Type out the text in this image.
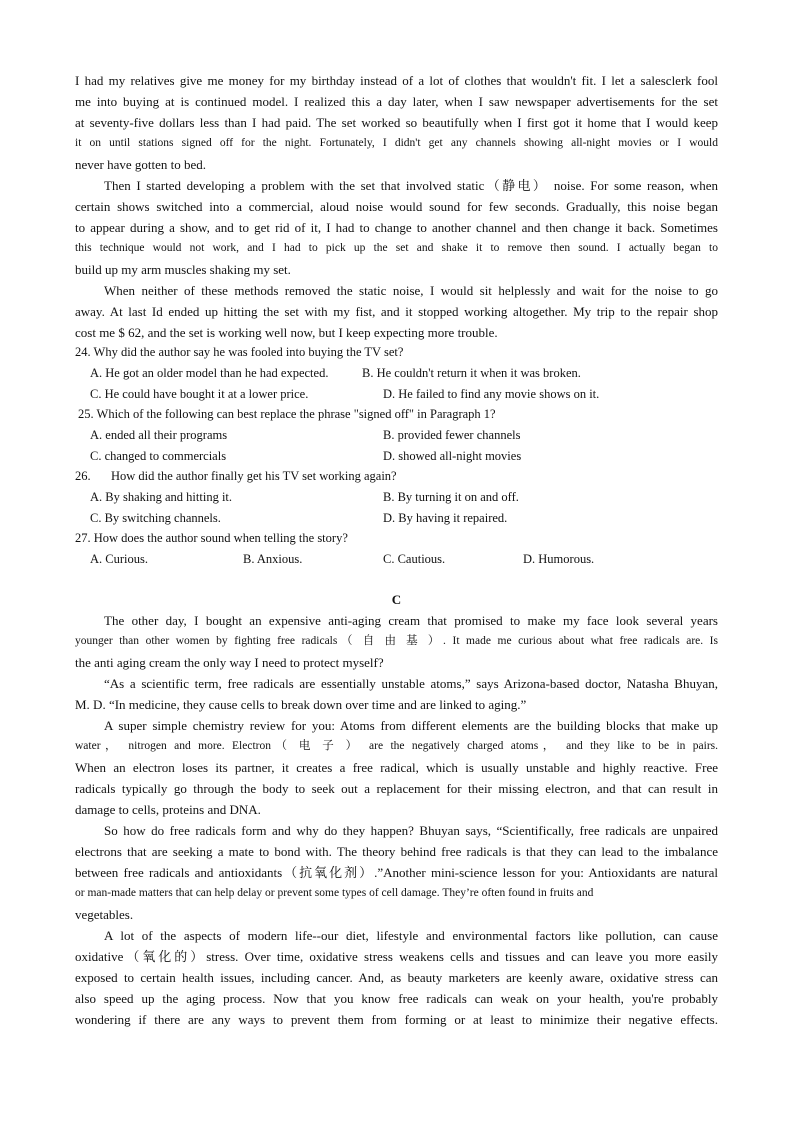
I had my relatives give me money for my birthday instead of a lot of clothes that wouldn't fit. I let a salesclerk fool
me into buying at is continued model. I realized this a day later, when I saw newspaper advertisements for the set
at seventy-five dollars less than I had paid. The set worked so beautifully when I first got it home that I would keep
it on until stations signed off for the night. Fortunately, I didn't get any channels showing all-night movies or I would
never have gotten to bed.
Then I started developing a problem with the set that involved static（静电） noise. For some reason, when
certain shows switched into a commercial, aloud noise would sound for few seconds. Gradually, this noise began
to appear during a show, and to get rid of it, I had to change to another channel and then change it back. Sometimes
this technique would not work, and I had to pick up the set and shake it to remove then sound. I actually began to
build up my arm muscles shaking my set.
When neither of these methods removed the static noise, I would sit helplessly and wait for the noise to go
away. At last Id ended up hitting the set with my fist, and it stopped working altogether. My trip to the repair shop
cost me $ 62, and the set is working well now, but I keep expecting more trouble.
24. Why did the author say he was fooled into buying the TV set?
A. He got an older model than he had expected.	B. He couldn't return it when it was broken.
C. He could have bought it at a lower price.	D. He failed to find any movie shows on it.
25. Which of the following can best replace the phrase "signed off" in Paragraph 1?
A. ended all their programs	B. provided fewer channels
C. changed to commercials	D. showed all-night movies
26. How did the author finally get his TV set working again?
A. By shaking and hitting it.	B. By turning it on and off.
C. By switching channels.	D. By having it repaired.
27. How does the author sound when telling the story?
A. Curious.	B. Anxious.	C. Cautious.	D. Humorous.
C
The other day, I bought an expensive anti-aging cream that promised to make my face look several years
younger than other women by fighting free radicals（ 自 由 基 ）. It made me curious about what free radicals are. Is
the anti aging cream the only way I need to protect myself?
“As a scientific term, free radicals are essentially unstable atoms,” says Arizona-based doctor, Natasha Bhuyan,
M. D. “In medicine, they cause cells to break down over time and are linked to aging.”
A super simple chemistry review for you: Atoms from different elements are the building blocks that make up
water， nitrogen and more. Electron（ 电 子 ） are the negatively charged atoms， and they like to be in pairs.
When an electron loses its partner, it creates a free radical, which is usually unstable and highly reactive. Free
radicals typically go through the body to seek out a replacement for their missing electron, and that can result in
damage to cells, proteins and DNA.
So how do free radicals form and why do they happen? Bhuyan says, “Scientifically, free radicals are unpaired
electrons that are seeking a mate to bond with. The theory behind free radicals is that they can lead to the imbalance
between free radicals and antioxidants（抗氧化剂）.”Another mini-science lesson for you: Antioxidants are natural
or man-made matters that can help delay or prevent some types of cell damage. They’re often found in fruits and
vegetables.
A lot of the aspects of modern life--our diet, lifestyle and environmental factors like pollution, can cause
oxidative（氧化的）stress. Over time, oxidative stress weakens cells and tissues and can leave you more easily
exposed to certain health issues, including cancer. And, as beauty marketers are keenly aware, oxidative stress can
also speed up the aging process. Now that you know free radicals can weak on your health, you're probably
wondering if there are any ways to prevent them from forming or at least to minimize their negative effects.
